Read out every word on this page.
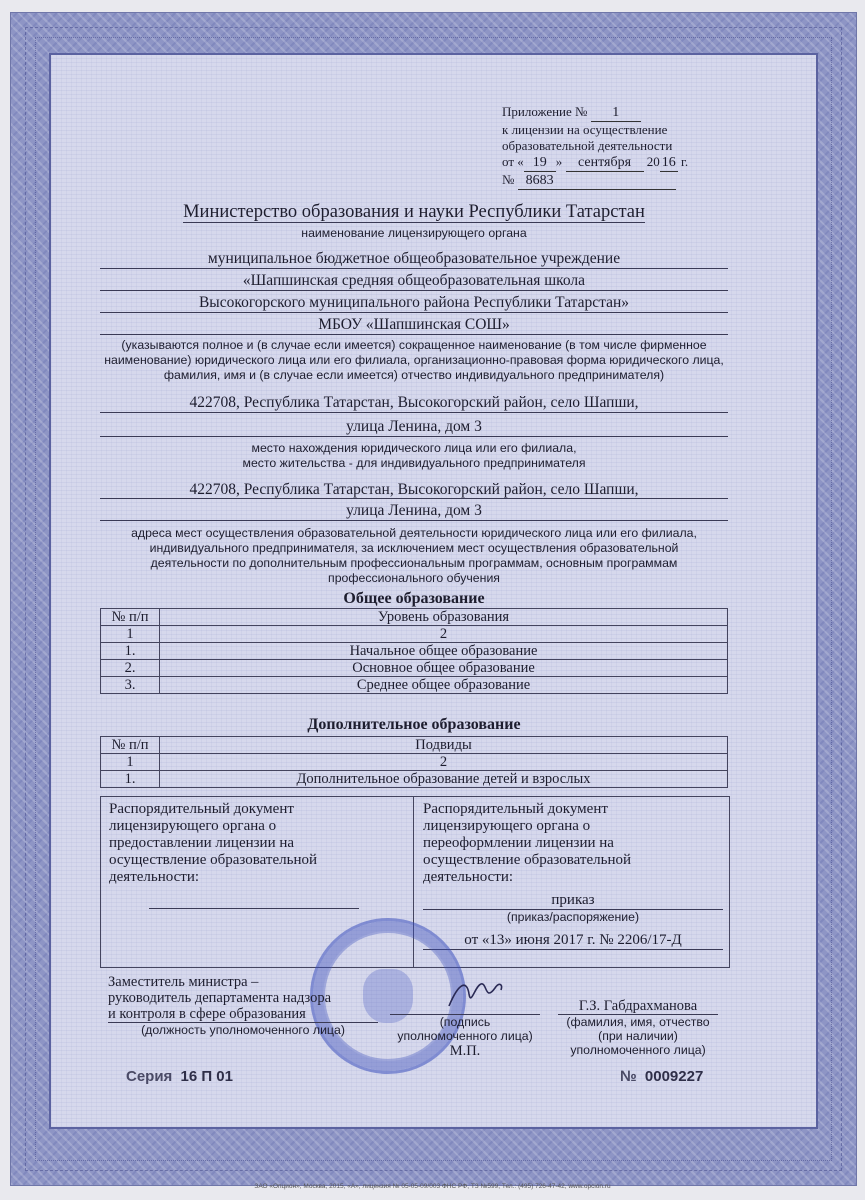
Приложение № 1
к лицензии на осуществление
образовательной деятельности
от « 19 » сентября 20 16 г.
№ 8683
Министерство образования и науки Республики Татарстан
наименование лицензирующего органа
муниципальное бюджетное общеобразовательное учреждение
«Шапшинская средняя общеобразовательная школа
Высокогорского муниципального района Республики Татарстан»
МБОУ «Шапшинская СОШ»
(указываются полное и (в случае если имеется) сокращенное наименование (в том числе фирменное наименование) юридического лица или его филиала, организационно-правовая форма юридического лица, фамилия, имя и (в случае если имеется) отчество индивидуального предпринимателя)
422708, Республика Татарстан, Высокогорский район, село Шапши,
улица Ленина, дом 3
место нахождения юридического лица или его филиала,
место жительства - для индивидуального предпринимателя
422708, Республика Татарстан, Высокогорский район, село Шапши,
улица Ленина, дом 3
адреса мест осуществления образовательной деятельности юридического лица или его филиала,
индивидуального предпринимателя, за исключением мест осуществления образовательной
деятельности по дополнительным профессиональным программам, основным программам
профессионального обучения
Общее образование
№ п/п	Уровень образования
1	2
1.	Начальное общее образование
2.	Основное общее образование
3.	Среднее общее образование
Дополнительное образование
№ п/п	Подвиды
1	2
1.	Дополнительное образование детей и взрослых
Распорядительный документ
лицензирующего органа о
предоставлении лицензии на
осуществление образовательной
деятельности:
Распорядительный документ
лицензирующего органа о
переоформлении лицензии на
осуществление образовательной
деятельности:
приказ
(приказ/распоряжение)
от «13» июня 2017 г. № 2206/17-Д
Заместитель министра –
руководитель департамента надзора
и контроля в сфере образования
(должность уполномоченного лица)
(подпись
уполномоченного лица)
М.П.
Г.З. Габдрахманова
(фамилия, имя, отчество
(при наличии)
уполномоченного лица)
Серия 16 П 01	№ 0009227
ЗАО «Опцион», Москва, 2015, «А», лицензия № 05-05-09/003 ФНС РФ, ТЗ №599, Тел.: (495) 726-47-42, www.opcion.ru
